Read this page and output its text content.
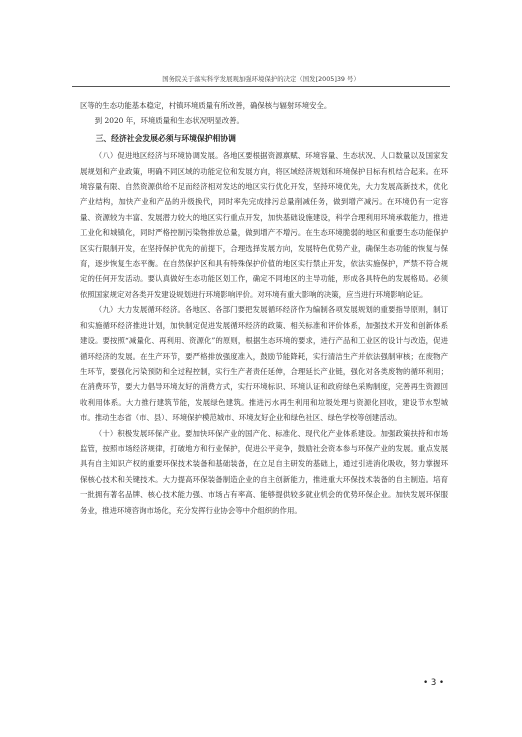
国务院关于落实科学发展观加强环境保护的决定（国发[2005]39 号）

区等的生态功能基本稳定，村镇环境质量有所改善，确保核与辐射环境安全。

到 2020 年，环境质量和生态状况明显改善。

三、经济社会发展必须与环境保护相协调

（八）促进地区经济与环境协调发展。各地区要根据资源禀赋、环境容量、生态状况、人口数量以及国家发展规划和产业政策，明确不同区域的功能定位和发展方向，将区域经济规划和环境保护目标有机结合起来。在环境容量有限、自然资源供给不足而经济相对发达的地区实行优化开发，坚持环境优先，大力发展高新技术，优化产业结构，加快产业和产品的升级换代，同时率先完成排污总量削减任务，做到增产减污。在环境仍有一定容量、资源较为丰富、发展潜力较大的地区实行重点开发，加快基础设施建设，科学合理利用环境承载能力，推进工业化和城镇化，同时严格控制污染物排放总量，做到增产不增污。在生态环境脆弱的地区和重要生态功能保护区实行限制开发，在坚持保护优先的前提下，合理选择发展方向，发展特色优势产业，确保生态功能的恢复与保育，逐步恢复生态平衡。在自然保护区和具有特殊保护价值的地区实行禁止开发，依法实施保护，严禁不符合规定的任何开发活动。要认真做好生态功能区划工作，确定不同地区的主导功能，形成各具特色的发展格局。必须依照国家规定对各类开发建设规划进行环境影响评价。对环境有重大影响的决策，应当进行环境影响论证。

（九）大力发展循环经济。各地区、各部门要把发展循环经济作为编制各项发展规划的重要指导原则，制订和实施循环经济推进计划，加快制定促进发展循环经济的政策、相关标准和评价体系，加强技术开发和创新体系建设。要按照“减量化、再利用、资源化”的原则，根据生态环境的要求，进行产品和工业区的设计与改造，促进循环经济的发展。在生产环节，要严格排放强度准入，鼓励节能降耗，实行清洁生产并依法强制审核；在废物产生环节，要强化污染预防和全过程控制，实行生产者责任延伸，合理延长产业链，强化对各类废物的循环利用；在消费环节，要大力倡导环境友好的消费方式，实行环境标识、环境认证和政府绿色采购制度，完善再生资源回收利用体系。大力推行建筑节能，发展绿色建筑。推进污水再生利用和垃圾处理与资源化回收，建设节水型城市。推动生态省（市、县）、环境保护模范城市、环境友好企业和绿色社区、绿色学校等创建活动。

（十）积极发展环保产业。要加快环保产业的国产化、标准化、现代化产业体系建设。加强政策扶持和市场监管，按照市场经济规律，打破地方和行业保护，促进公平竞争，鼓励社会资本参与环保产业的发展。重点发展具有自主知识产权的重要环保技术装备和基础装备，在立足自主研发的基础上，通过引进消化吸收，努力掌握环保核心技术和关键技术。大力提高环保装备制造企业的自主创新能力，推进重大环保技术装备的自主制造。培育一批拥有著名品牌、核心技术能力强、市场占有率高、能够提供较多就业机会的优势环保企业。加快发展环保服务业，推进环境咨询市场化，充分发挥行业协会等中介组织的作用。

• 3 •
